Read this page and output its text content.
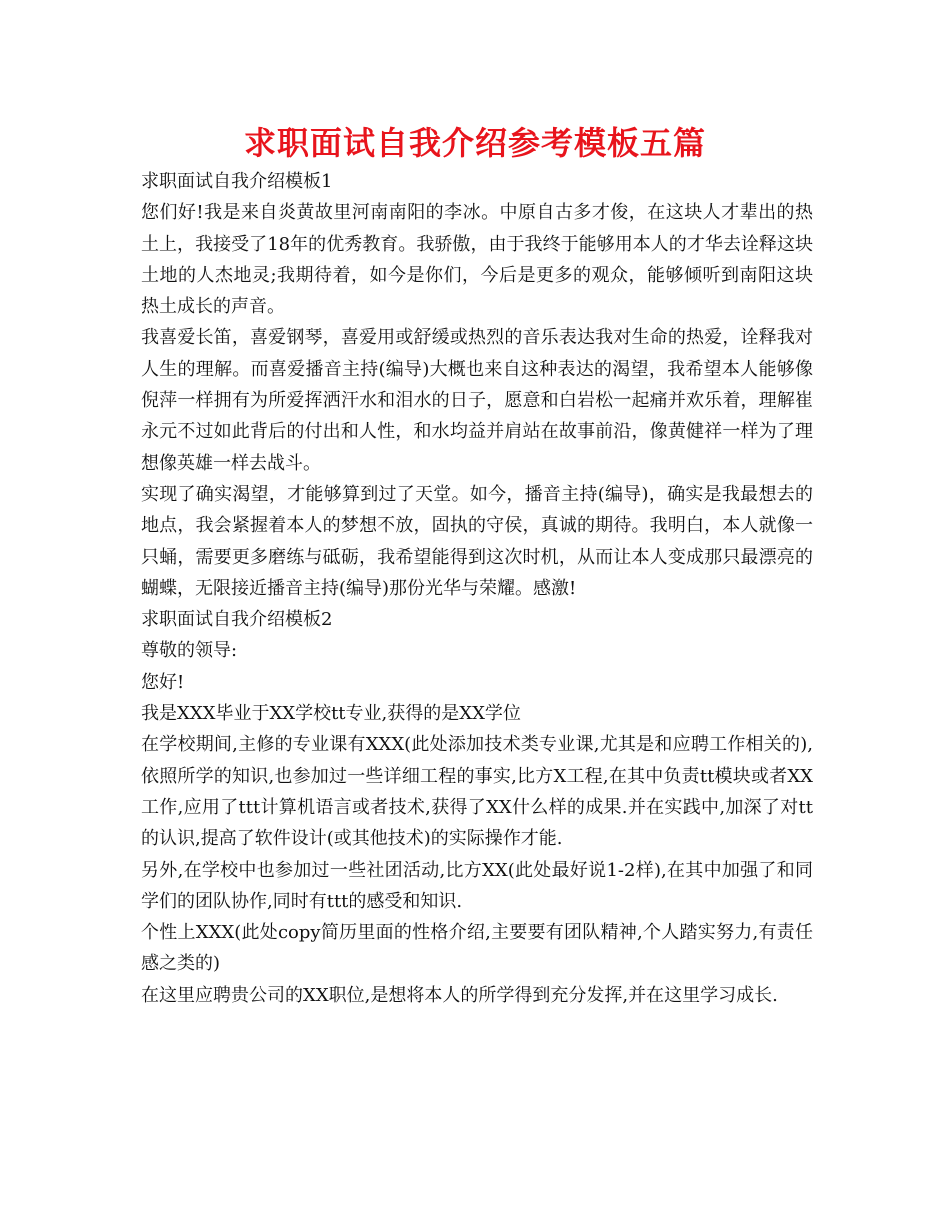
求职面试自我介绍参考模板五篇

求职面试自我介绍模板1

您们好!我是来自炎黄故里河南南阳的李冰。中原自古多才俊，在这块人才辈出的热土上，我接受了18年的优秀教育。我骄傲，由于我终于能够用本人的才华去诠释这块土地的人杰地灵;我期待着，如今是你们，今后是更多的观众，能够倾听到南阳这块热土成长的声音。

我喜爱长笛，喜爱钢琴，喜爱用或舒缓或热烈的音乐表达我对生命的热爱，诠释我对人生的理解。而喜爱播音主持(编导)大概也来自这种表达的渴望，我希望本人能够像倪萍一样拥有为所爱挥洒汗水和泪水的日子，愿意和白岩松一起痛并欢乐着，理解崔永元不过如此背后的付出和人性，和水均益并肩站在故事前沿，像黄健祥一样为了理想像英雄一样去战斗。

实现了确实渴望，才能够算到过了天堂。如今，播音主持(编导)，确实是我最想去的地点，我会紧握着本人的梦想不放，固执的守侯，真诚的期待。我明白，本人就像一只蛹，需要更多磨练与砥砺，我希望能得到这次时机，从而让本人变成那只最漂亮的蝴蝶，无限接近播音主持(编导)那份光华与荣耀。感激!

求职面试自我介绍模板2

尊敬的领导:

您好!

我是XXX毕业于XX学校tt专业,获得的是XX学位

在学校期间,主修的专业课有XXX(此处添加技术类专业课,尤其是和应聘工作相关的),依照所学的知识,也参加过一些详细工程的事实,比方X工程,在其中负责tt模块或者XX工作,应用了ttt计算机语言或者技术,获得了XX什么样的成果.并在实践中,加深了对tt的认识,提高了软件设计(或其他技术)的实际操作才能.

另外,在学校中也参加过一些社团活动,比方XX(此处最好说1-2样),在其中加强了和同学们的团队协作,同时有ttt的感受和知识.

个性上XXX(此处copy简历里面的性格介绍,主要要有团队精神,个人踏实努力,有责任感之类的)

在这里应聘贵公司的XX职位,是想将本人的所学得到充分发挥,并在这里学习成长.
